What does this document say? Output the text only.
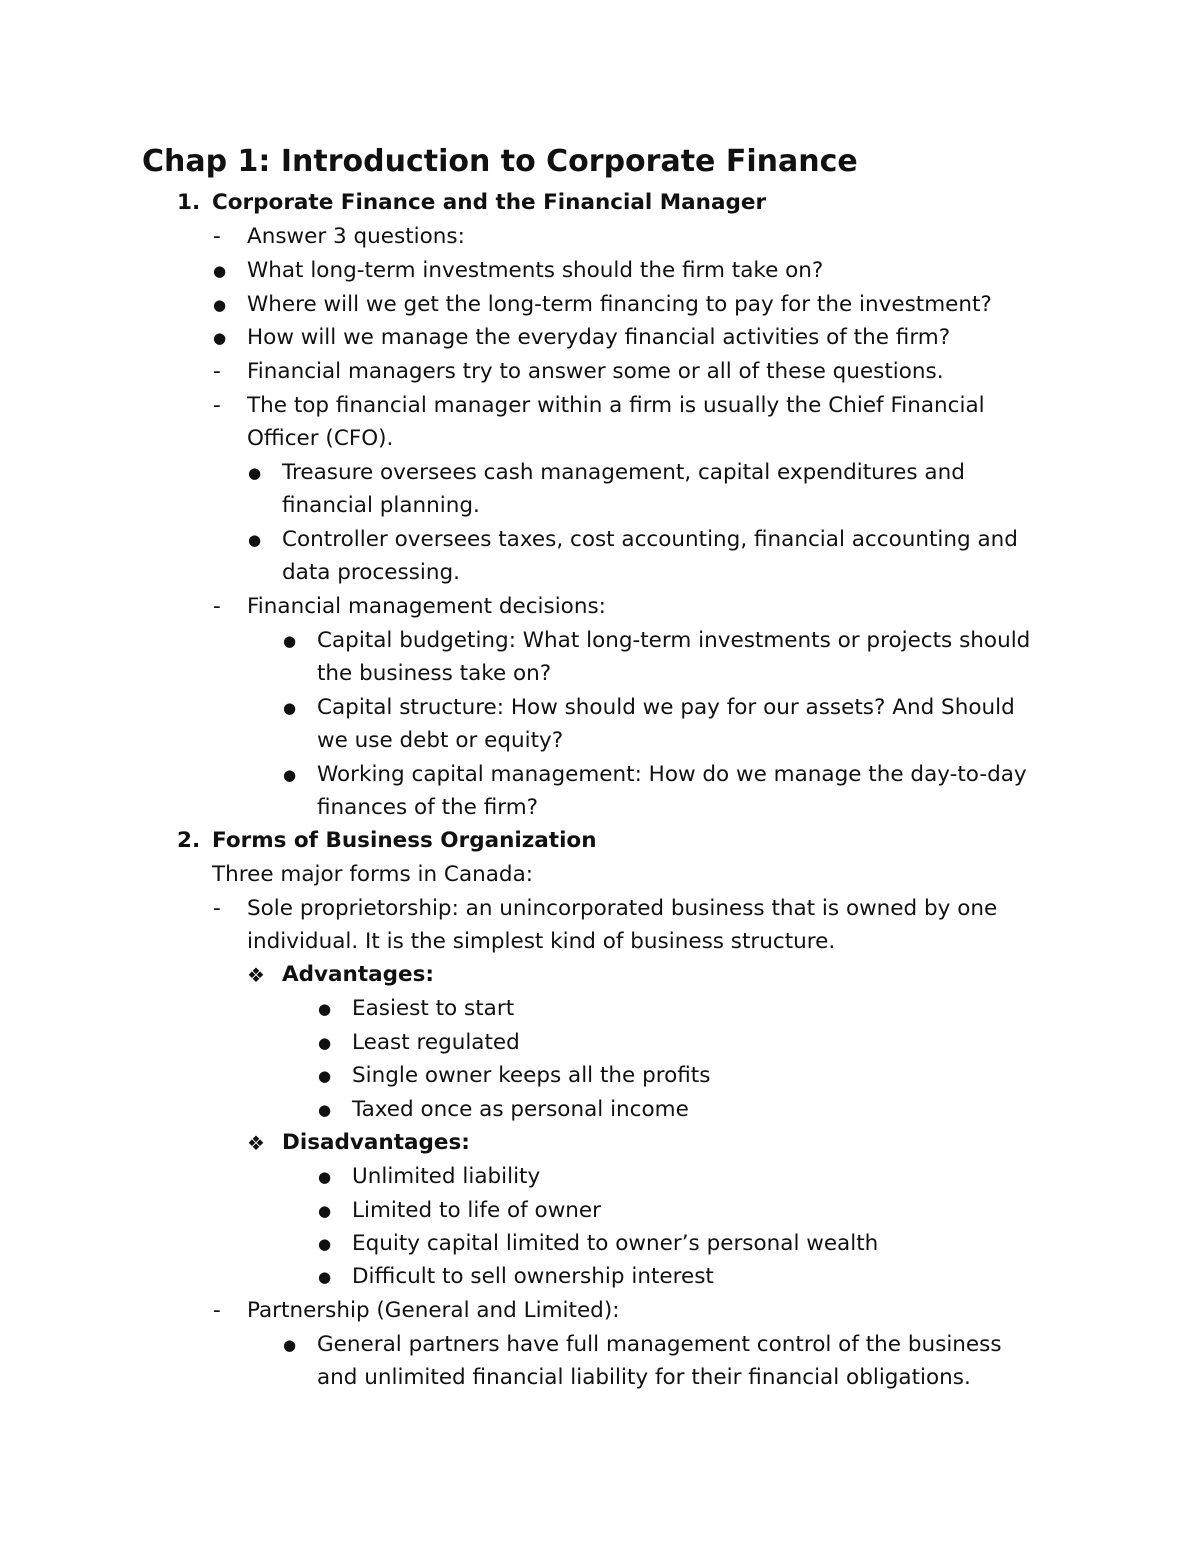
Chap 1: Introduction to Corporate Finance
1. Corporate Finance and the Financial Manager
- Answer 3 questions:
● What long-term investments should the firm take on?
● Where will we get the long-term financing to pay for the investment?
● How will we manage the everyday financial activities of the firm?
- Financial managers try to answer some or all of these questions.
- The top financial manager within a firm is usually the Chief Financial
Officer (CFO).
● Treasure oversees cash management, capital expenditures and
financial planning.
● Controller oversees taxes, cost accounting, financial accounting and
data processing.
- Financial management decisions:
● Capital budgeting: What long-term investments or projects should
the business take on?
● Capital structure: How should we pay for our assets? And Should
we use debt or equity?
● Working capital management: How do we manage the day-to-day
finances of the firm?
2. Forms of Business Organization
Three major forms in Canada:
- Sole proprietorship: an unincorporated business that is owned by one
individual. It is the simplest kind of business structure.
❖ Advantages:
● Easiest to start
● Least regulated
● Single owner keeps all the profits
● Taxed once as personal income
❖ Disadvantages:
● Unlimited liability
● Limited to life of owner
● Equity capital limited to owner’s personal wealth
● Difficult to sell ownership interest
- Partnership (General and Limited):
● General partners have full management control of the business
and unlimited financial liability for their financial obligations.
